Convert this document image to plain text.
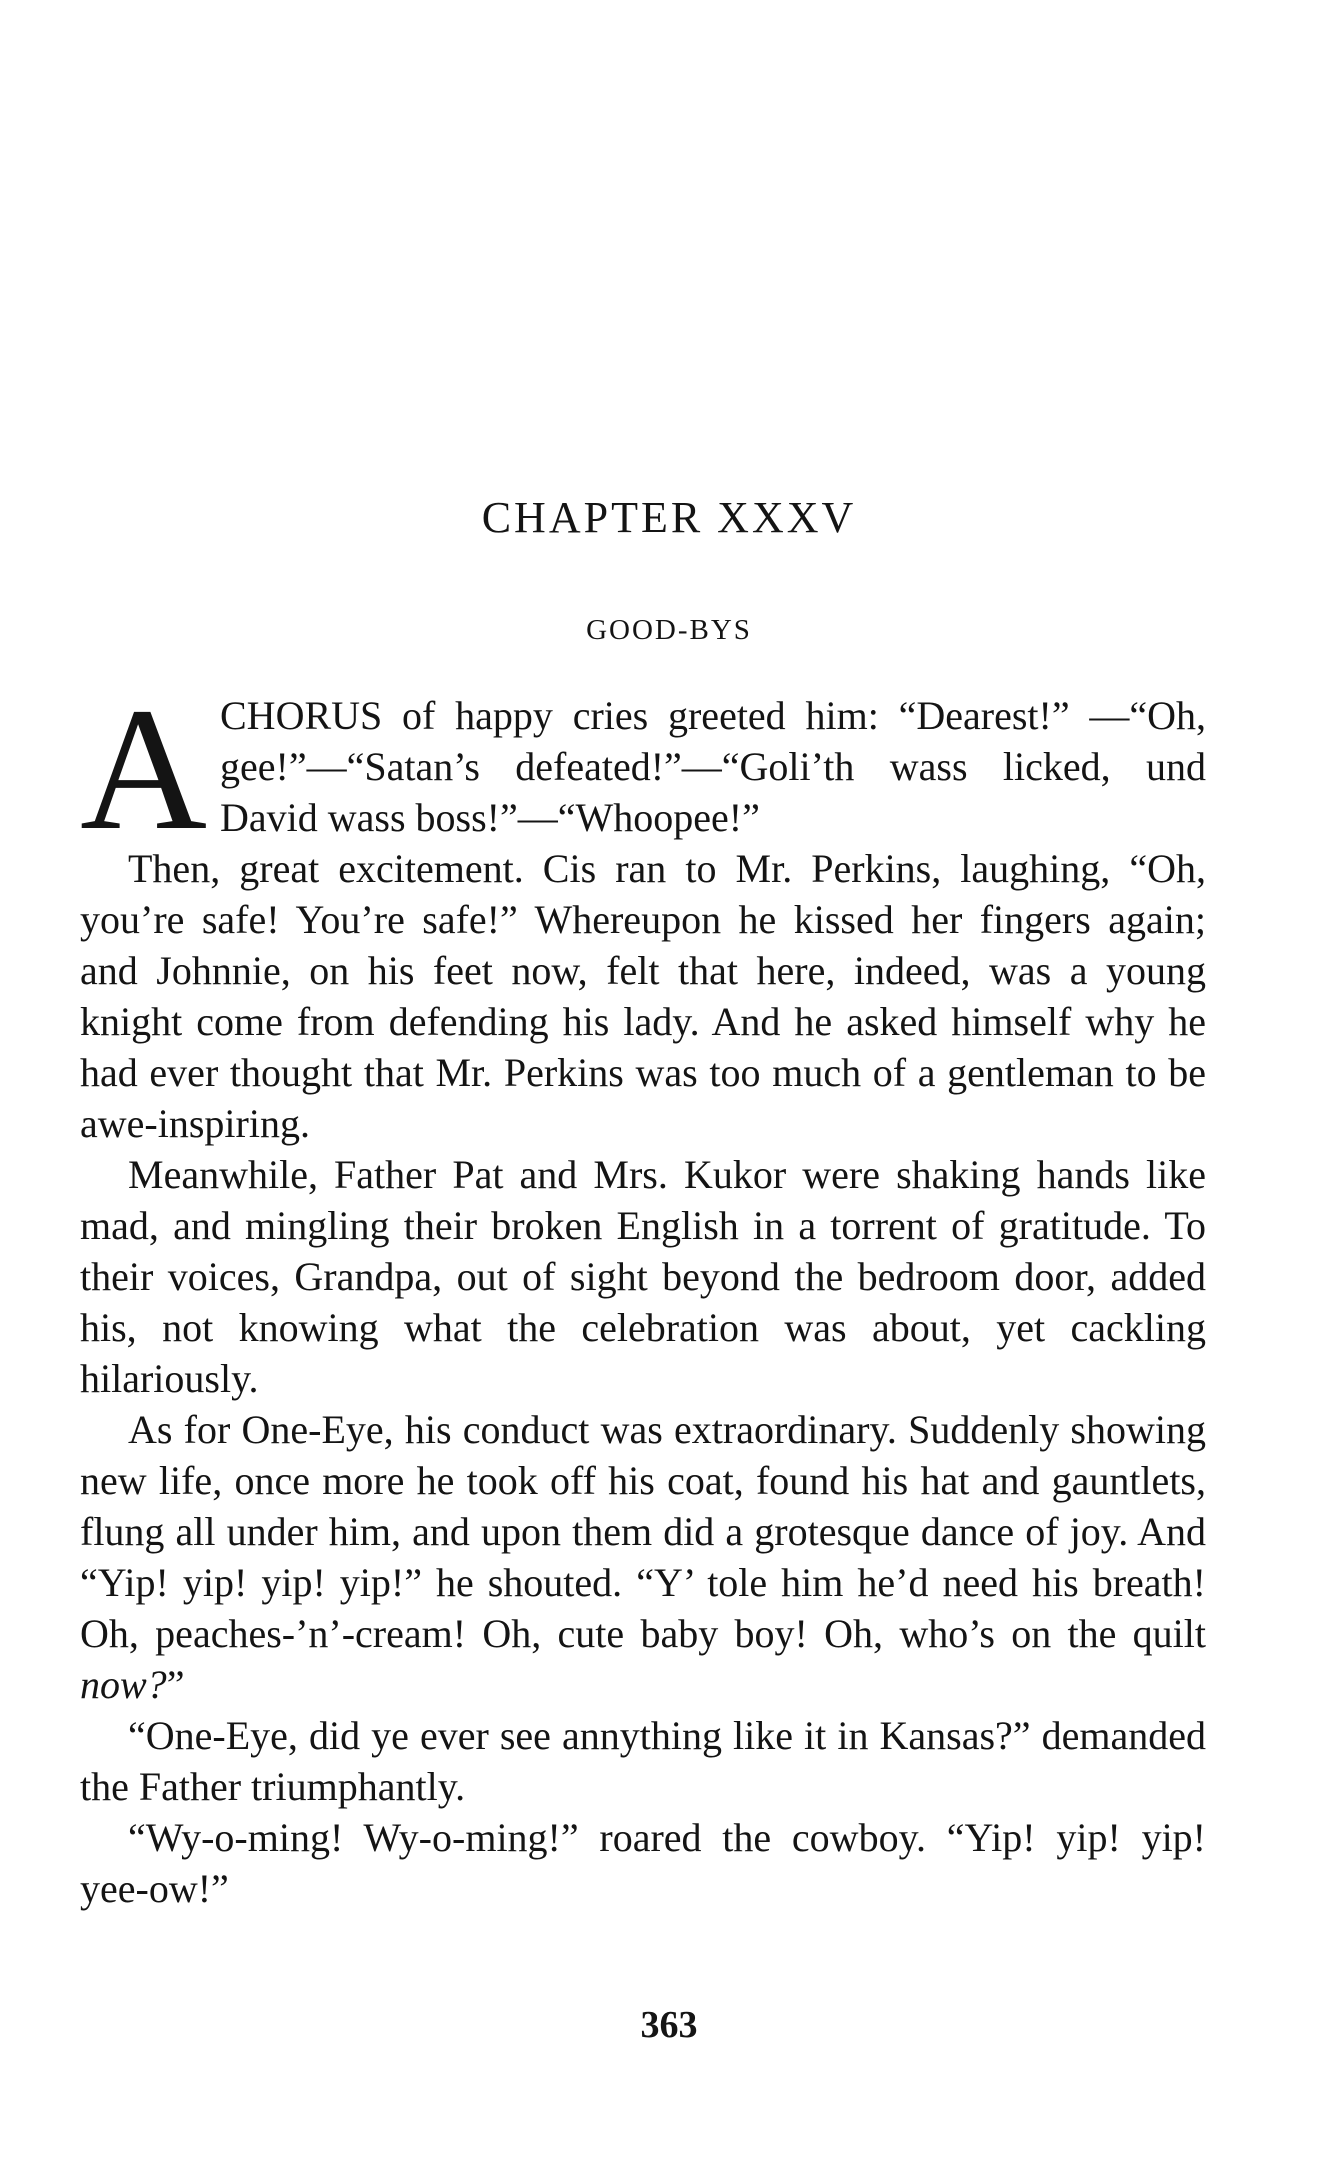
CHAPTER XXXV
GOOD-BYS

ACHORUS of happy cries greeted him: “Dearest!” —“Oh, gee!”—“Satan’s defeated!”—“Goli’th wass licked, und David wass boss!”—“Whoopee!”

Then, great excitement. Cis ran to Mr. Perkins, laughing, “Oh, you’re safe! You’re safe!” Whereupon he kissed her fingers again; and Johnnie, on his feet now, felt that here, indeed, was a young knight come from defending his lady. And he asked himself why he had ever thought that Mr. Perkins was too much of a gentleman to be awe-inspiring.

Meanwhile, Father Pat and Mrs. Kukor were shaking hands like mad, and mingling their broken English in a torrent of gratitude. To their voices, Grandpa, out of sight beyond the bedroom door, added his, not knowing what the celebration was about, yet cackling hilariously.

As for One-Eye, his conduct was extraordinary. Suddenly showing new life, once more he took off his coat, found his hat and gauntlets, flung all under him, and upon them did a grotesque dance of joy. And “Yip! yip! yip! yip!” he shouted. “Y’ tole him he’d need his breath! Oh, peaches-’n’-cream! Oh, cute baby boy! Oh, who’s on the quilt now?”

“One-Eye, did ye ever see annything like it in Kansas?” demanded the Father triumphantly.

“Wy-o-ming! Wy-o-ming!” roared the cowboy. “Yip! yip! yip! yee-ow!”

363
